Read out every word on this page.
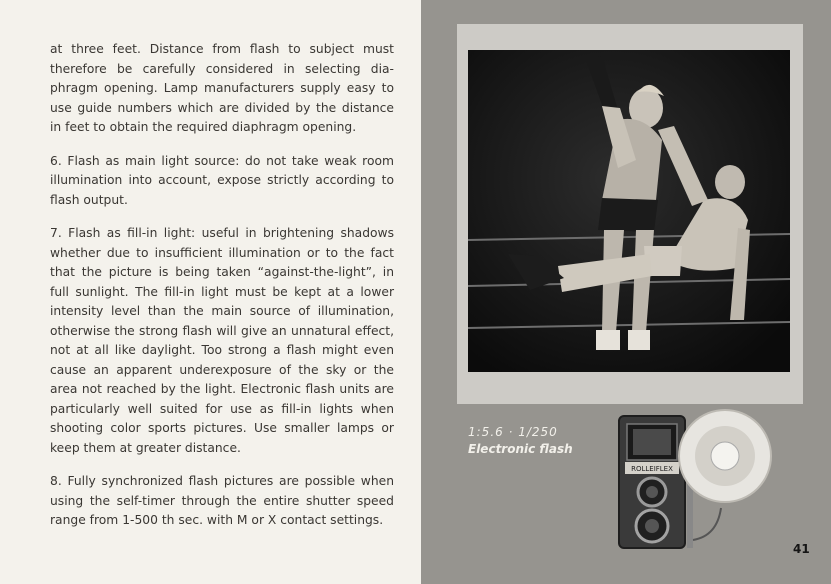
at three feet. Distance from flash to subject must therefore be carefully considered in selecting dia-phragm opening. Lamp manufacturers supply easy to use guide numbers which are divided by the distance in feet to obtain the required diaphragm opening.

6. Flash as main light source: do not take weak room illumination into account, expose strictly according to flash output.

7. Flash as fill-in light: useful in brightening shadows whether due to insufficient illumination or to the fact that the picture is being taken “against-the-light”, in full sunlight. The fill-in light must be kept at a lower intensity level than the main source of illumination, otherwise the strong flash will give an unnatural effect, not at all like daylight. Too strong a flash might even cause an apparent underexposure of the sky or the area not reached by the light. Electronic flash units are particularly well suited for use as fill-in lights when shooting color sports pictures. Use smaller lamps or keep them at greater distance.

8. Fully synchronized flash pictures are possible when using the self-timer through the entire shutter speed range from 1-500 th sec. with M or X contact settings.

1:5.6 · 1/250
Electronic flash
ROLLEIFLEX
41
